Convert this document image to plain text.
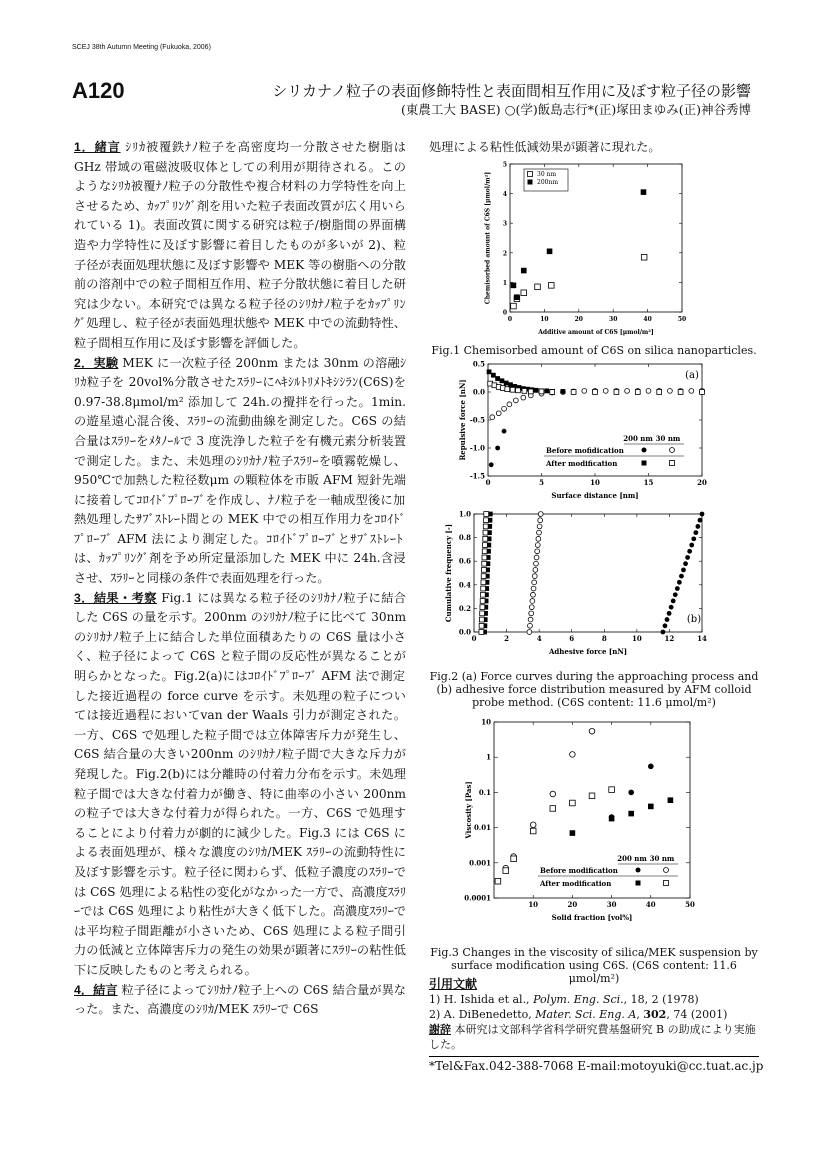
SCEJ 38th Autumn Meeting (Fukuoka, 2006)
A120	シリカナノ粒子の表面修飾特性と表面間相互作用に及ぼす粒子径の影響
(東農工大 BASE) ○(学)飯島志行*(正)塚田まゆみ(正)神谷秀博

1．緒言 ｼﾘｶ被覆鉄ﾅﾉ粒子を高密度均一分散させた樹脂は GHz 帯域の電磁波吸収体としての利用が期待される。このようなｼﾘｶ被覆ﾅﾉ粒子の分散性や複合材料の力学特性を向上させるため、ｶｯﾌﾟﾘﾝｸﾞ剤を用いた粒子表面改質が広く用いられている 1)。表面改質に関する研究は粒子/樹脂間の界面構造や力学特性に及ぼす影響に着目したものが多いが 2)、粒子径が表面処理状態に及ぼす影響や MEK 等の樹脂への分散前の溶剤中での粒子間相互作用、粒子分散状態に着目した研究は少ない。本研究では異なる粒子径のｼﾘｶﾅﾉ粒子をｶｯﾌﾟﾘﾝｸﾞ処理し、粒子径が表面処理状態や MEK 中での流動特性、粒子間相互作用に及ぼす影響を評価した。

2．実験 MEK に一次粒子径 200nm または 30nm の溶融ｼﾘｶ粒子を 20vol%分散させたｽﾗﾘｰにﾍｷｼﾙﾄﾘﾒﾄｷｼｼﾗﾝ(C6S)を 0.97-38.8μmol/m² 添加して 24h.の攪拌を行った。1min.の遊星遠心混合後、ｽﾗﾘｰの流動曲線を測定した。C6S の結合量はｽﾗﾘｰをﾒﾀﾉｰﾙで 3 度洗浄した粒子を有機元素分析装置で測定した。また、未処理のｼﾘｶﾅﾉ粒子ｽﾗﾘｰを噴霧乾燥し、950℃で加熱した粒径数μm の顆粒体を市販 AFM 短針先端に接着してｺﾛｲﾄﾞﾌﾟﾛｰﾌﾞを作成し、ﾅﾉ粒子を一軸成型後に加熱処理したｻﾌﾞｽﾄﾚｰﾄ間との MEK 中での相互作用力をｺﾛｲﾄﾞﾌﾟﾛｰﾌﾞ AFM 法により測定した。ｺﾛｲﾄﾞﾌﾟﾛｰﾌﾞとｻﾌﾞｽﾄﾚｰﾄは、ｶｯﾌﾟﾘﾝｸﾞ剤を予め所定量添加した MEK 中に 24h.含浸させ、ｽﾗﾘｰと同様の条件で表面処理を行った。

3．結果・考察 Fig.1 には異なる粒子径のｼﾘｶﾅﾉ粒子に結合した C6S の量を示す。200nm のｼﾘｶﾅﾉ粒子に比べて 30nm のｼﾘｶﾅﾉ粒子上に結合した単位面積あたりの C6S 量は小さく、粒子径によって C6S と粒子間の反応性が異なることが明らかとなった。Fig.2(a)にはｺﾛｲﾄﾞﾌﾟﾛｰﾌﾞ AFM 法で測定した接近過程の force curve を示す。未処理の粒子については接近過程においてvan der Waals 引力が測定された。一方、C6S で処理した粒子間では立体障害斥力が発生し、C6S 結合量の大きい200nm のｼﾘｶﾅﾉ粒子間で大きな斥力が発現した。Fig.2(b)には分離時の付着力分布を示す。未処理粒子間では大きな付着力が働き、特に曲率の小さい 200nm の粒子では大きな付着力が得られた。一方、C6S で処理することにより付着力が劇的に減少した。Fig.3 には C6S による表面処理が、様々な濃度のｼﾘｶ/MEK ｽﾗﾘｰの流動特性に及ぼす影響を示す。粒子径に関わらず、低粒子濃度のｽﾗﾘｰでは C6S 処理による粘性の変化がなかった一方で、高濃度ｽﾗﾘｰでは C6S 処理により粘性が大きく低下した。高濃度ｽﾗﾘｰでは平均粒子間距離が小さいため、C6S 処理による粒子間引力の低減と立体障害斥力の発生の効果が顕著にｽﾗﾘｰの粘性低下に反映したものと考えられる。

4．結言 粒子径によってｼﾘｶﾅﾉ粒子上への C6S 結合量が異なった。また、高濃度のｼﾘｶ/MEK ｽﾗﾘｰで C6S

処理による粘性低減効果が顕著に現れた。
0	10	20	30	40	50
0
1
2
3
4
5
Additive amount of C6S [μmol/m²]
Chemisorbed amount of C6S [μmol/m²]	30 nm
200nm
Fig.1 Chemisorbed amount of C6S on silica nanoparticles.
0	5	10	15	20
-1.5
-1.0
-0.5
0.0
0.5
Surface distance [nm]
Repulsive force [nN]
(a)
200 nm 30 nm
Before mofidication
After modification
0	2	4	6	8	10	12	14
0.0
0.2
0.4
0.6
0.8
1.0
Adhesive force [nN]
Cumulative frequency [-]	(b)
Fig.2 (a) Force curves during the approaching process and (b) adhesive force distribution measured by AFM colloid probe method. (C6S content: 11.6 μmol/m²)
10	20	30	40	50
Solid fraction [vol%]
Viscosity [Pas]
0.0001
0.001
0.01
0.1
1
10
200 nm 30 nm
Before modification
After modification
Fig.3 Changes in the viscosity of silica/MEK suspension by surface modification using C6S. (C6S content: 11.6 μmol/m²)
引用文献
1) H. Ishida et al., Polym. Eng. Sci., 18, 2 (1978)
2) A. DiBenedetto, Mater. Sci. Eng. A, 302, 74 (2001)
謝辞 本研究は文部科学省科学研究費基盤研究 B の助成により実施した。
*Tel&Fax.042-388-7068 E-mail:motoyuki@cc.tuat.ac.jp
